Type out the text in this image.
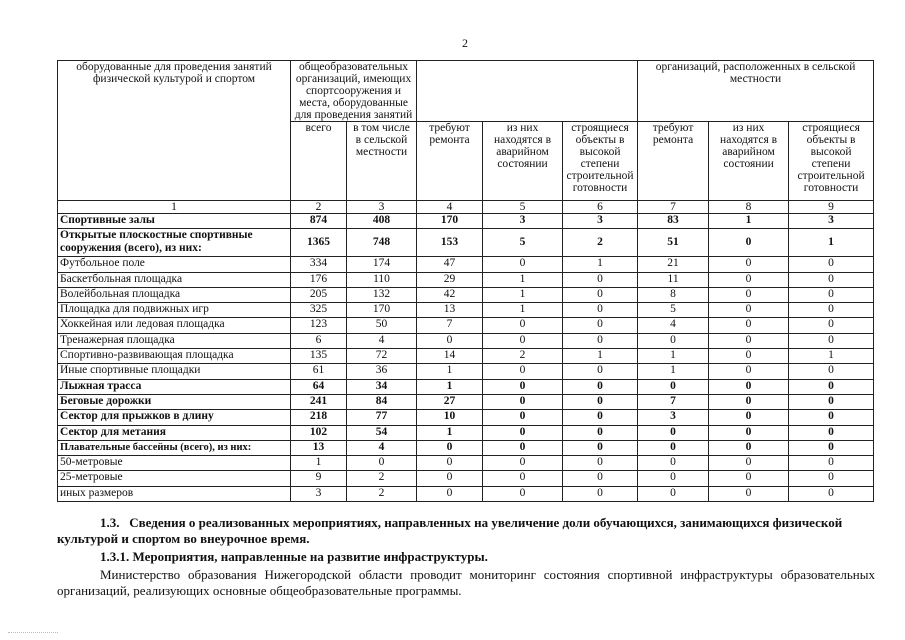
2
оборудованные для проведения занятий физической культурой и спортом	общеобразовательных организаций, имеющих спортсооружения и места, оборудованные для проведения занятий					организаций, расположенных в сельской местности		
	всего	в том числе в сельской местности	требуют ремонта	из них находятся в аварийном состоянии	строящиеся объекты в высокой степени строительной готовности	требуют ремонта	из них находятся в аварийном состоянии	строящиеся объекты в высокой степени строительной готовности
1	2	3	4	5	6	7	8	9
Спортивные залы	874	408	170	3	3	83	1	3
Открытые плоскостные спортивные сооружения (всего), из них:	1365	748	153	5	2	51	0	1
Футбольное поле	334	174	47	0	1	21	0	0
Баскетбольная площадка	176	110	29	1	0	11	0	0
Волейбольная площадка	205	132	42	1	0	8	0	0
Площадка для подвижных игр	325	170	13	1	0	5	0	0
Хоккейная или ледовая площадка	123	50	7	0	0	4	0	0
Тренажерная площадка	6	4	0	0	0	0	0	0
Спортивно-развивающая площадка	135	72	14	2	1	1	0	1
Иные спортивные площадки	61	36	1	0	0	1	0	0
Лыжная трасса	64	34	1	0	0	0	0	0
Беговые дорожки	241	84	27	0	0	7	0	0
Сектор для прыжков в длину	218	77	10	0	0	3	0	0
Сектор для метания	102	54	1	0	0	0	0	0
Плавательные бассейны (всего), из них:	13	4	0	0	0	0	0	0
50-метровые	1	0	0	0	0	0	0	0
25-метровые	9	2	0	0	0	0	0	0
иных размеров	3	2	0	0	0	0	0	0
1.3.   Сведения о реализованных мероприятиях, направленных на увеличение доли обучающихся, занимающихся физической культурой и спортом во внеурочное время.
1.3.1. Мероприятия, направленные на развитие инфраструктуры.
Министерство образования Нижегородской области проводит мониторинг состояния спортивной инфраструктуры образовательных организаций, реализующих основные общеобразовательные программы.
